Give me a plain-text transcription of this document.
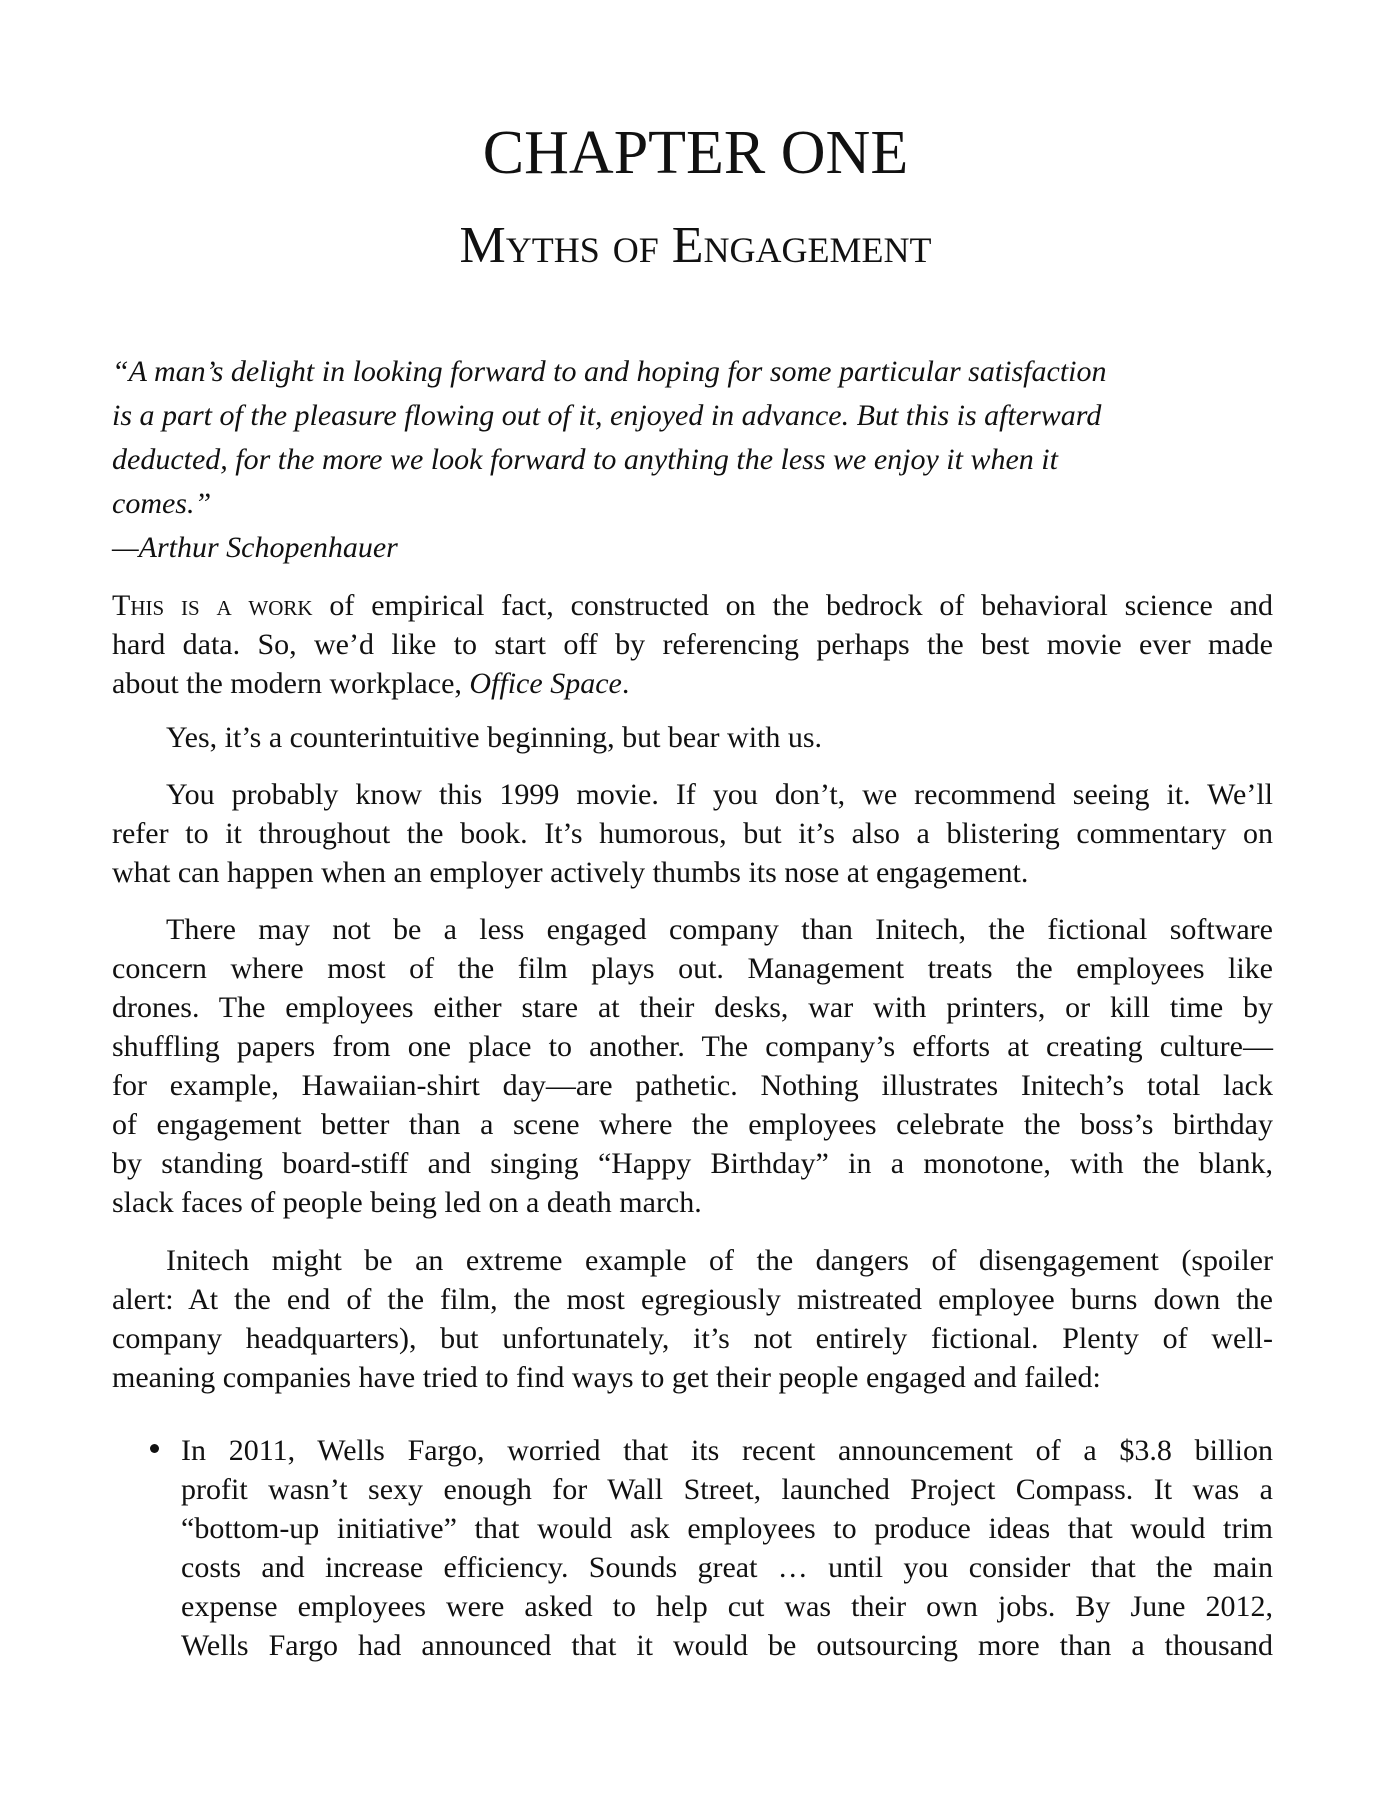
CHAPTER ONE
Myths of Engagement
“A man’s delight in looking forward to and hoping for some particular satisfaction
is a part of the pleasure flowing out of it, enjoyed in advance. But this is afterward
deducted, for the more we look forward to anything the less we enjoy it when it
comes.”
—Arthur Schopenhauer
This is a work of empirical fact, constructed on the bedrock of behavioral science and
hard data. So, we’d like to start off by referencing perhaps the best movie ever made
about the modern workplace, Office Space.
Yes, it’s a counterintuitive beginning, but bear with us.
You probably know this 1999 movie. If you don’t, we recommend seeing it. We’ll
refer to it throughout the book. It’s humorous, but it’s also a blistering commentary on
what can happen when an employer actively thumbs its nose at engagement.
There may not be a less engaged company than Initech, the fictional software
concern where most of the film plays out. Management treats the employees like
drones. The employees either stare at their desks, war with printers, or kill time by
shuffling papers from one place to another. The company’s efforts at creating culture—
for example, Hawaiian-shirt day—are pathetic. Nothing illustrates Initech’s total lack
of engagement better than a scene where the employees celebrate the boss’s birthday
by standing board-stiff and singing “Happy Birthday” in a monotone, with the blank,
slack faces of people being led on a death march.
Initech might be an extreme example of the dangers of disengagement (spoiler
alert: At the end of the film, the most egregiously mistreated employee burns down the
company headquarters), but unfortunately, it’s not entirely fictional. Plenty of well-
meaning companies have tried to find ways to get their people engaged and failed:
In 2011, Wells Fargo, worried that its recent announcement of a $3.8 billion
profit wasn’t sexy enough for Wall Street, launched Project Compass. It was a
“bottom-up initiative” that would ask employees to produce ideas that would trim
costs and increase efficiency. Sounds great … until you consider that the main
expense employees were asked to help cut was their own jobs. By June 2012,
Wells Fargo had announced that it would be outsourcing more than a thousand
